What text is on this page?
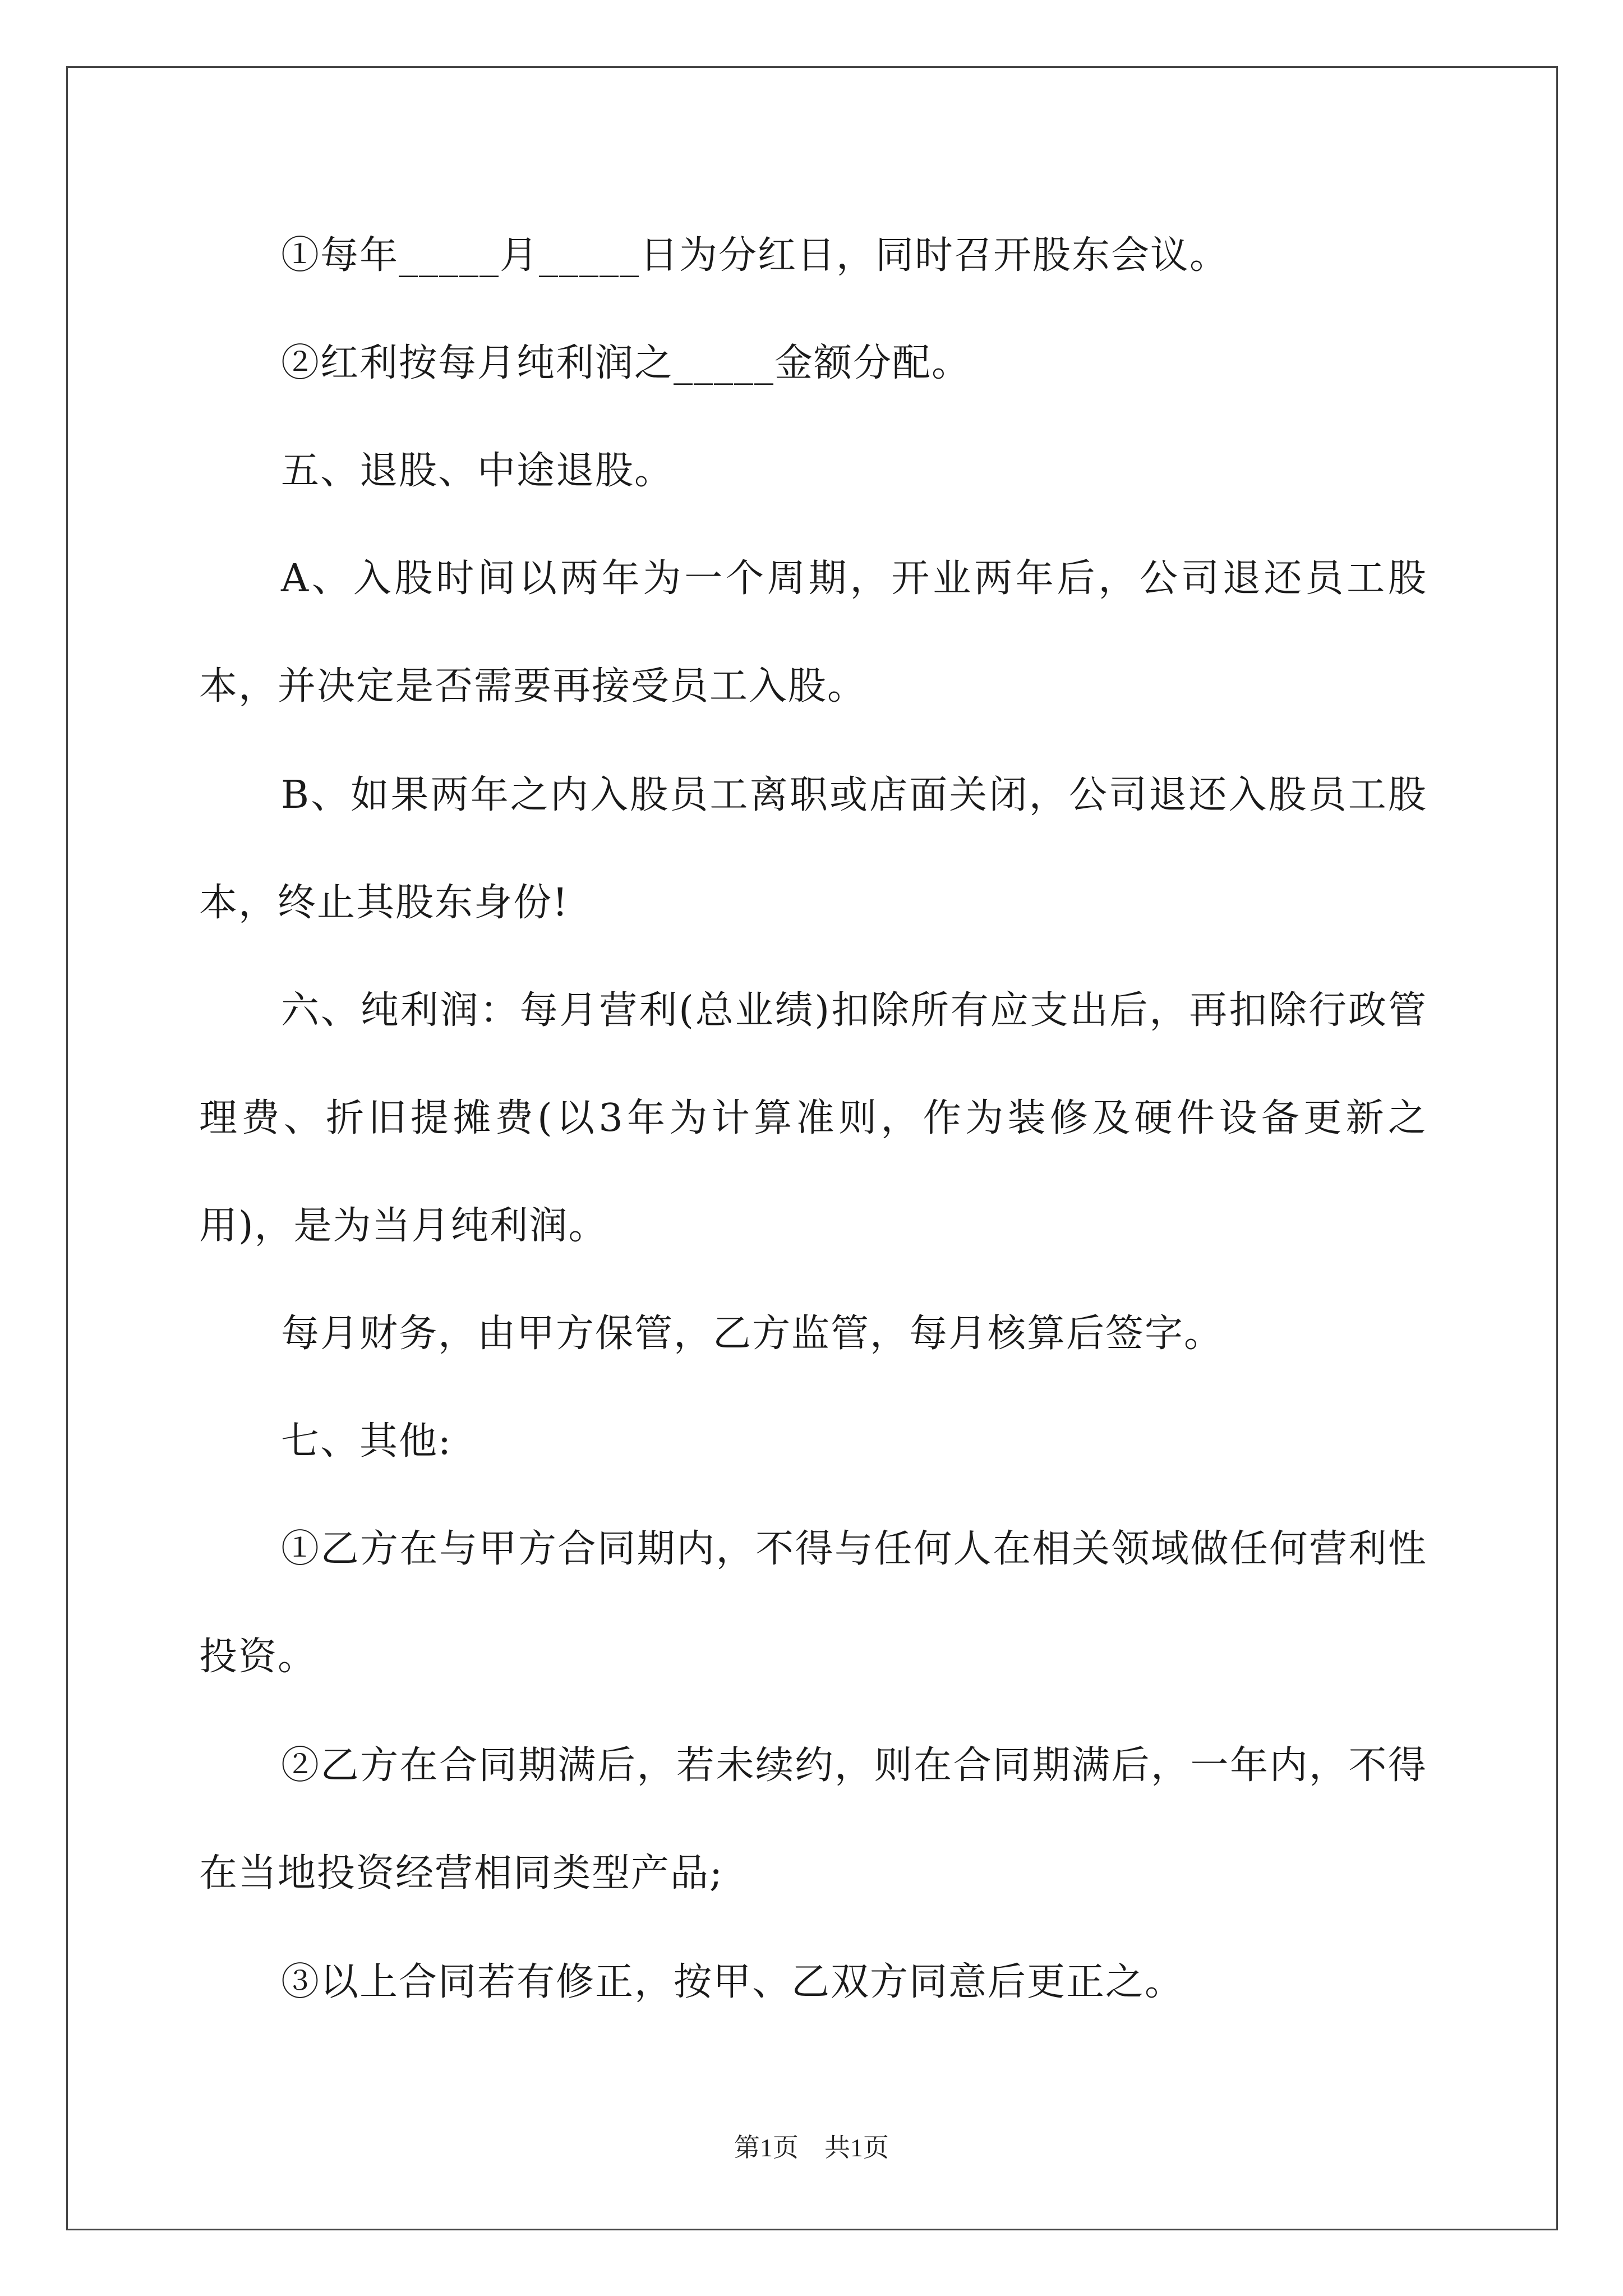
①每年_____月_____日为分红日，同时召开股东会议。

②红利按每月纯利润之_____金额分配。

五、退股、中途退股。

A、入股时间以两年为一个周期，开业两年后，公司退还员工股本，并决定是否需要再接受员工入股。

B、如果两年之内入股员工离职或店面关闭，公司退还入股员工股本，终止其股东身份!

六、纯利润：每月营利(总业绩)扣除所有应支出后，再扣除行政管理费、折旧提摊费(以3年为计算准则，作为装修及硬件设备更新之用)，是为当月纯利润。

每月财务，由甲方保管，乙方监管，每月核算后签字。

七、其他:

①乙方在与甲方合同期内，不得与任何人在相关领域做任何营利性投资。

②乙方在合同期满后，若未续约，则在合同期满后，一年内，不得在当地投资经营相同类型产品;

③以上合同若有修正，按甲、乙双方同意后更正之。

第1页 共1页
